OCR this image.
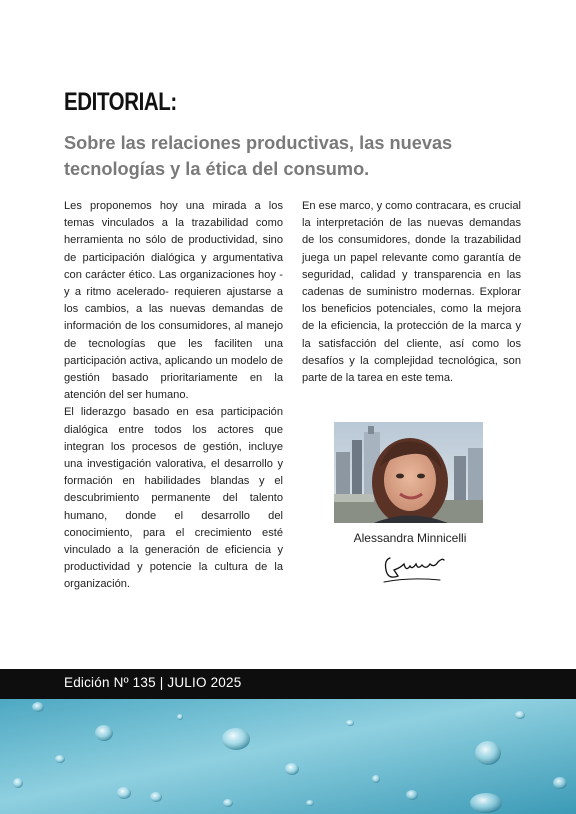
EDITORIAL:
Sobre las relaciones productivas, las nuevas tecnologías y la ética del consumo.

Les proponemos hoy una mirada a los temas vinculados a la trazabilidad como herramienta no sólo de productividad, sino de participación dialógica y argumentativa con carácter ético. Las organizaciones hoy -y a ritmo acelerado- requieren ajustarse a los cambios, a las nuevas demandas de información de los consumidores, al manejo de tecnologías que les faciliten una participación activa, aplicando un modelo de gestión basado prioritariamente en la atención del ser humano.

El liderazgo basado en esa participación dialógica entre todos los actores que integran los procesos de gestión, incluye una investigación valorativa, el desarrollo y formación en habilidades blandas y el descubrimiento permanente del talento humano, donde el desarrollo del conocimiento, para el crecimiento esté vinculado a la generación de eficiencia y productividad y potencie la cultura de la organización.

En ese marco, y como contracara, es crucial la interpretación de las nuevas demandas de los consumidores, donde la trazabilidad juega un papel relevante como garantía de seguridad, calidad y transparencia en las cadenas de suministro modernas. Explorar los beneficios potenciales, como la mejora de la eficiencia, la protección de la marca y la satisfacción del cliente, así como los desafíos y la complejidad tecnológica, son parte de la tarea en este tema.

Alessandra Minnicelli
Edición Nº 135 | JULIO 2025
